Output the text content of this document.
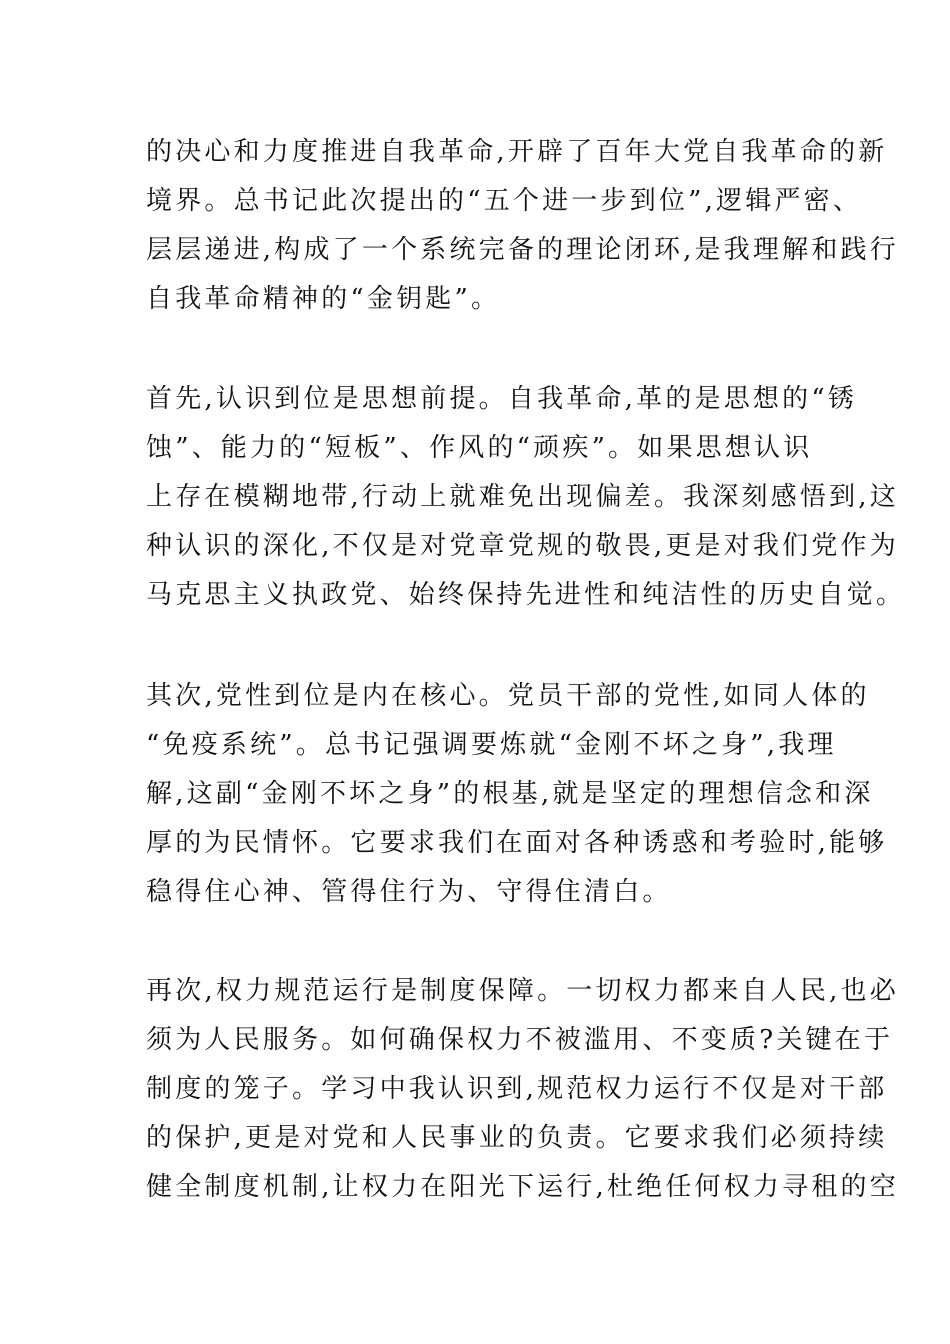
的决心和力度推进自我革命,开辟了百年大党自我革命的新
境界。总书记此次提出的“五个进一步到位”,逻辑严密、
层层递进,构成了一个系统完备的理论闭环,是我理解和践行
自我革命精神的“金钥匙”。
首先,认识到位是思想前提。自我革命,革的是思想的“锈
蚀”、能力的“短板”、作风的“顽疾”。如果思想认识
上存在模糊地带,行动上就难免出现偏差。我深刻感悟到,这
种认识的深化,不仅是对党章党规的敬畏,更是对我们党作为
马克思主义执政党、始终保持先进性和纯洁性的历史自觉。
其次,党性到位是内在核心。党员干部的党性,如同人体的
“免疫系统”。总书记强调要炼就“金刚不坏之身”,我理
解,这副“金刚不坏之身”的根基,就是坚定的理想信念和深
厚的为民情怀。它要求我们在面对各种诱惑和考验时,能够
稳得住心神、管得住行为、守得住清白。
再次,权力规范运行是制度保障。一切权力都来自人民,也必
须为人民服务。如何确保权力不被滥用、不变质?关键在于
制度的笼子。学习中我认识到,规范权力运行不仅是对干部
的保护,更是对党和人民事业的负责。它要求我们必须持续
健全制度机制,让权力在阳光下运行,杜绝任何权力寻租的空
